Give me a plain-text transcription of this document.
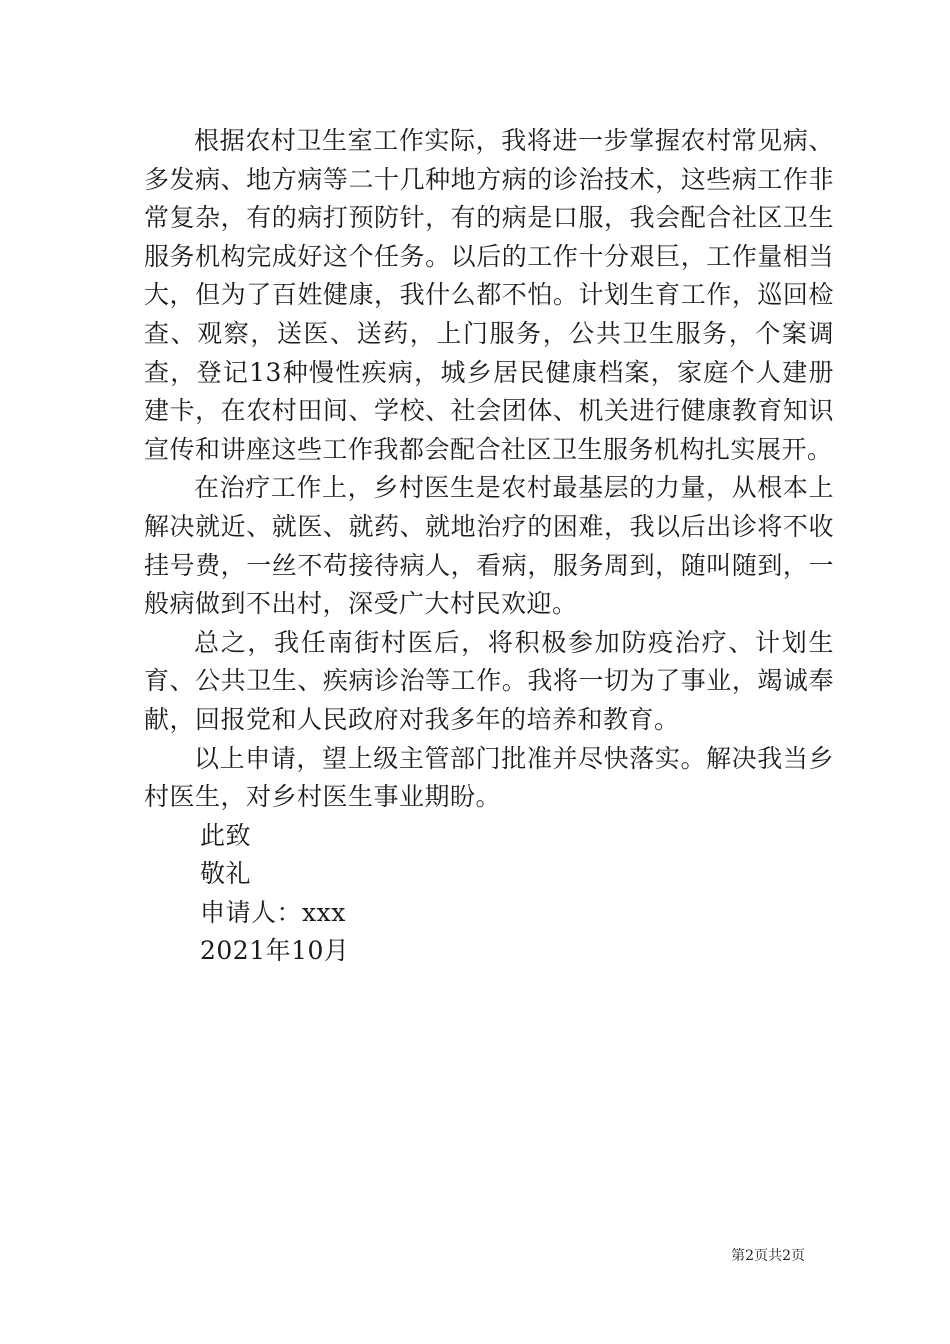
根据农村卫生室工作实际，我将进一步掌握农村常见病、多发病、地方病等二十几种地方病的诊治技术，这些病工作非常复杂，有的病打预防针，有的病是口服，我会配合社区卫生服务机构完成好这个任务。以后的工作十分艰巨，工作量相当大，但为了百姓健康，我什么都不怕。计划生育工作，巡回检查、观察，送医、送药，上门服务，公共卫生服务，个案调查，登记13种慢性疾病，城乡居民健康档案，家庭个人建册建卡，在农村田间、学校、社会团体、机关进行健康教育知识宣传和讲座这些工作我都会配合社区卫生服务机构扎实展开。

在治疗工作上，乡村医生是农村最基层的力量，从根本上解决就近、就医、就药、就地治疗的困难，我以后出诊将不收挂号费，一丝不苟接待病人，看病，服务周到，随叫随到，一般病做到不出村，深受广大村民欢迎。

总之，我任南街村医后，将积极参加防疫治疗、计划生育、公共卫生、疾病诊治等工作。我将一切为了事业，竭诚奉献，回报党和人民政府对我多年的培养和教育。

以上申请，望上级主管部门批准并尽快落实。解决我当乡村医生，对乡村医生事业期盼。

此致

敬礼

申请人：xxx

2021年10月

第2页共2页
